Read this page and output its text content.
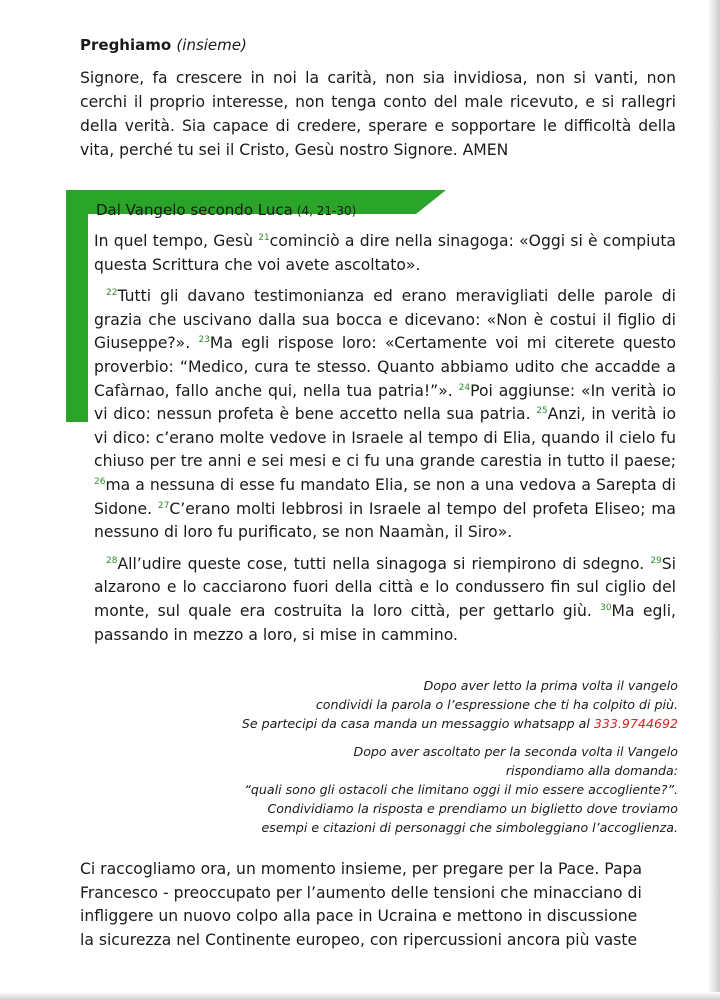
Preghiamo (insieme)
Signore, fa crescere in noi la carità, non sia invidiosa, non si vanti, non cerchi il proprio interesse, non tenga conto del male ricevuto, e si rallegri della verità. Sia capace di credere, sperare e sopportare le difficoltà della vita, perché tu sei il Cristo, Gesù nostro Signore. AMEN
Dal Vangelo secondo Luca (4, 21-30)

In quel tempo, Gesù $^{21}$cominciò a dire nella sinagoga: «Oggi si è compiuta questa Scrittura che voi avete ascoltato».

$^{22}$Tutti gli davano testimonianza ed erano meravigliati delle parole di grazia che uscivano dalla sua bocca e dicevano: «Non è costui il figlio di Giuseppe?». $^{23}$Ma egli rispose loro: «Certamente voi mi citerete questo proverbio: “Medico, cura te stesso. Quanto abbiamo udito che accadde a Cafàrnao, fallo anche qui, nella tua patria!”». $^{24}$Poi aggiunse: «In verità io vi dico: nessun profeta è bene accetto nella sua patria. $^{25}$Anzi, in verità io vi dico: c’erano molte vedove in Israele al tempo di Elia, quando il cielo fu chiuso per tre anni e sei mesi e ci fu una grande carestia in tutto il paese; $^{26}$ma a nessuna di esse fu mandato Elia, se non a una vedova a Sarepta di Sidone. $^{27}$C’erano molti lebbrosi in Israele al tempo del profeta Eliseo; ma nessuno di loro fu purificato, se non Naamàn, il Siro».

$^{28}$All’udire queste cose, tutti nella sinagoga si riempirono di sdegno. $^{29}$Si alzarono e lo cacciarono fuori della città e lo condussero fin sul ciglio del monte, sul quale era costruita la loro città, per gettarlo giù. $^{30}$Ma egli, passando in mezzo a loro, si mise in cammino.

Dopo aver letto la prima volta il vangelo
condividi la parola o l’espressione che ti ha colpito di più.
Se partecipi da casa manda un messaggio whatsapp al 333.9744692
Dopo aver ascoltato per la seconda volta il Vangelo
rispondiamo alla domanda:
“quali sono gli ostacoli che limitano oggi il mio essere accogliente?”.
Condividiamo la risposta e prendiamo un biglietto dove troviamo
esempi e citazioni di personaggi che simboleggiano l’accoglienza.
Ci raccogliamo ora, un momento insieme, per pregare per la Pace. Papa
Francesco - preoccupato per l’aumento delle tensioni che minacciano di
infliggere un nuovo colpo alla pace in Ucraina e mettono in discussione
la sicurezza nel Continente europeo, con ripercussioni ancora più vaste
